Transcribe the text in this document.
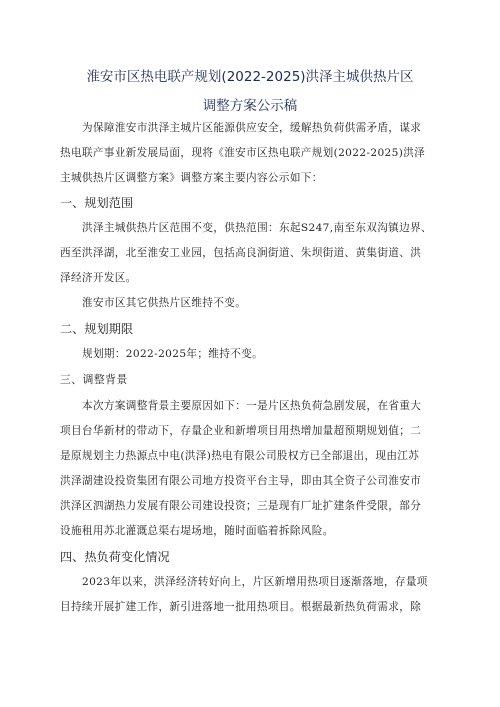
淮安市区热电联产规划(2022-2025)洪泽主城供热片区
调整方案公示稿
为保障淮安市洪泽主城片区能源供应安全，缓解热负荷供需矛盾，谋求
热电联产事业新发展局面，现将《淮安市区热电联产规划(2022-2025)洪泽
主城供热片区调整方案》调整方案主要内容公示如下：
一、规划范围
洪泽主城供热片区范围不变，供热范围：东起S247,南至东双沟镇边界、
西至洪泽湖，北至淮安工业园，包括高良涧街道、朱坝街道、黄集街道、洪
泽经济开发区。
淮安市区其它供热片区维持不变。
二、规划期限
规划期：2022-2025年；维持不变。
三、调整背景
本次方案调整背景主要原因如下：一是片区热负荷急剧发展，在省重大
项目台华新材的带动下，存量企业和新增项目用热增加量超预期规划值；二
是原规划主力热源点中电(洪泽)热电有限公司股权方已全部退出，现由江苏
洪泽湖建设投资集团有限公司地方投资平台主导，即由其全资子公司淮安市
洪泽区泗湖热力发展有限公司建设投资；三是现有厂址扩建条件受限，部分
设施租用苏北灌溉总渠右堤场地，随时面临着拆除风险。
四、热负荷变化情况
2023年以来，洪泽经济转好向上，片区新增用热项目逐渐落地，存量项
目持续开展扩建工作，新引进落地一批用热项目。根据最新热负荷需求，除
